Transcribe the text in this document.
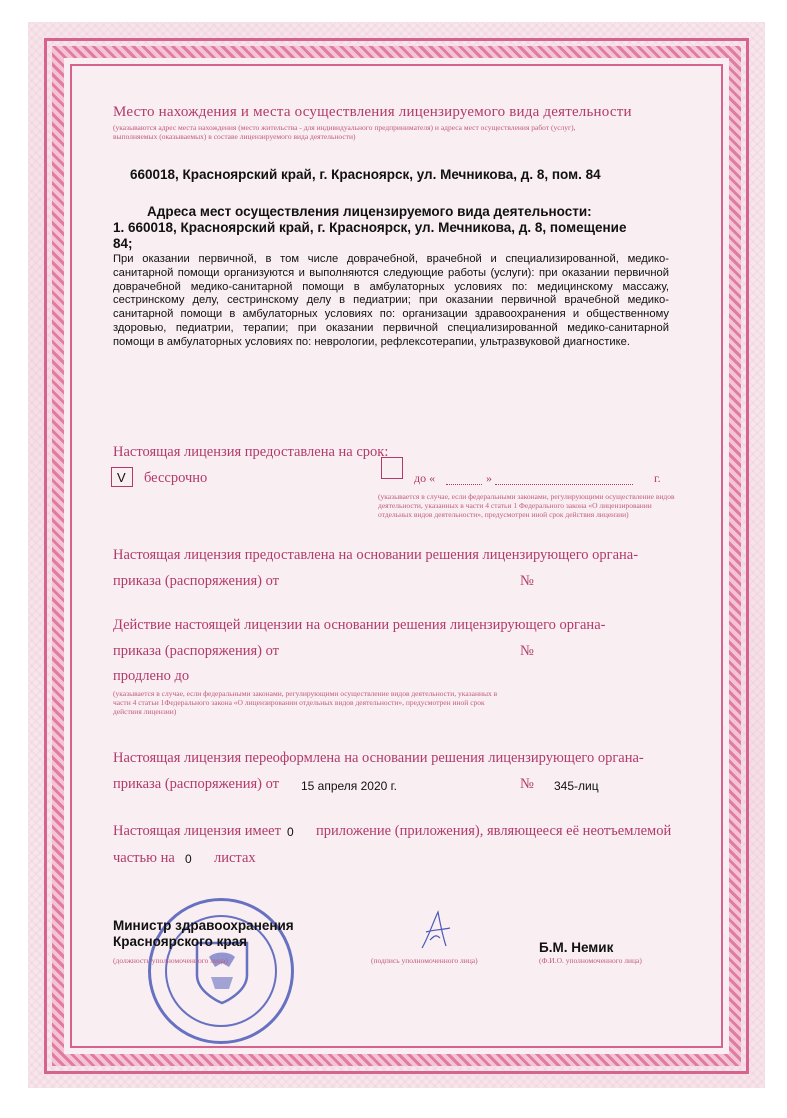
Место нахождения и места осуществления лицензируемого вида деятельности
(указываются адрес места нахождения (место жительства - для индивидуального предпринимателя) и адреса мест осуществления работ (услуг),
выполняемых (оказываемых) в составе лицензируемого вида деятельности)
660018, Красноярский край, г. Красноярск, ул. Мечникова, д. 8, пом. 84
Адреса мест осуществления лицензируемого вида деятельности:
1. 660018, Красноярский край, г. Красноярск, ул. Мечникова, д. 8, помещение
84;
При оказании первичной, в том числе доврачебной, врачебной и специализированной, медико-санитарной помощи организуются и выполняются следующие работы (услуги): при оказании первичной доврачебной медико-санитарной помощи в амбулаторных условиях по: медицинскому массажу, сестринскому делу, сестринскому делу в педиатрии; при оказании первичной врачебной медико-санитарной помощи в амбулаторных условиях по: организации здравоохранения и общественному здоровью, педиатрии, терапии; при оказании первичной специализированной медико-санитарной помощи в амбулаторных условиях по: неврологии, рефлексотерапии, ультразвуковой диагностике.
Настоящая лицензия предоставлена на срок:
V бессрочно	до «	»	г.
(указывается в случае, если федеральными законами, регулирующими осуществление видов деятельности, указанных в части 4 статьи 1 Федерального закона «О лицензировании отдельных видов деятельности», предусмотрен иной срок действия лицензии)
Настоящая лицензия предоставлена на основании решения лицензирующего органа-
приказа (распоряжения) от	№
Действие настоящей лицензии на основании решения лицензирующего органа-
приказа (распоряжения) от	№
продлено до
(указывается в случае, если федеральными законами, регулирующими осуществление видов деятельности, указанных в части 4 статьи 1Федерального закона «О лицензировании отдельных видов деятельности», предусмотрен иной срок действия лицензии)
Настоящая лицензия переоформлена на основании решения лицензирующего органа-
приказа (распоряжения) от 15 апреля 2020 г.	№ 345-лиц
Настоящая лицензия имеет 0 приложение (приложения), являющееся её неотъемлемой
частью на 0 листах
Министр здравоохранения
Красноярского края
(должность уполномоченного лица)	(подпись уполномоченного лица)
Б.М. Немик
(Ф.И.О. уполномоченного лица)
